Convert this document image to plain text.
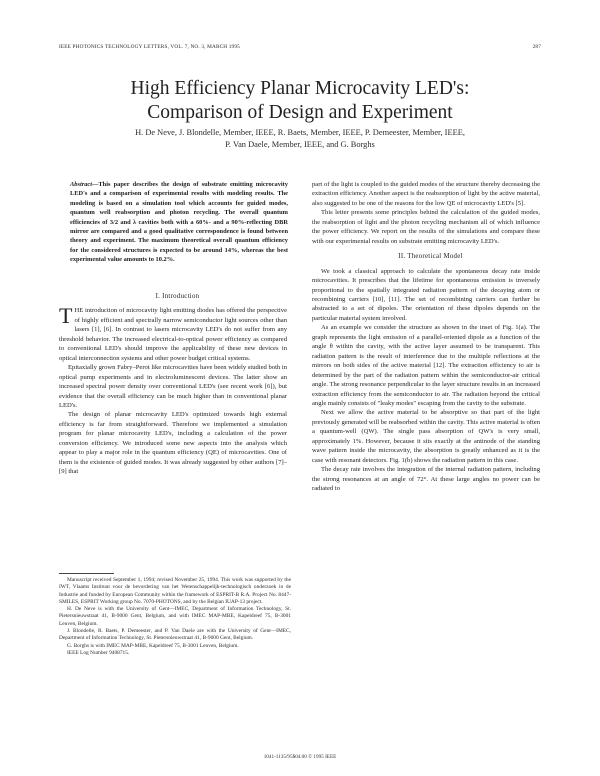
IEEE PHOTONICS TECHNOLOGY LETTERS, VOL. 7, NO. 3, MARCH 1995	287
High Efficiency Planar Microcavity LED's:
Comparison of Design and Experiment
H. De Neve, J. Blondelle, Member, IEEE, R. Baets, Member, IEEE, P. Demeester, Member, IEEE,
P. Van Daele, Member, IEEE, and G. Borghs
Abstract—This paper describes the design of substrate emitting microcavity LED's and a comparison of experimental results with modeling results. The modeling is based on a simulation tool which accounts for guided modes, quantum well reabsorption and photon recycling. The overall quantum efficiencies of 3/2 and λ cavities both with a 60%- and a 90%-reflecting DBR mirror are compared and a good qualitative correspondence is found between theory and experiment. The maximum theoretical overall quantum efficiency for the considered structures is expected to be around 14%, whereas the best experimental value amounts to 10.2%.

I. Introduction

THE introduction of microcavity light emitting diodes has offered the perspective of highly efficient and spectrally narrow semiconductor light sources other than lasers [1], [6]. In contrast to lasers microcavity LED's do not suffer from any threshold behavior. The increased electrical-to-optical power efficiency as compared to conventional LED's should improve the applicability of these new devices in optical interconnection systems and other power budget critical systems.

Epitaxially grown Fabry–Perot like microcavities have been widely studied both in optical pump experiments and in electroluminescent devices. The latter show an increased spectral power density over conventional LED's (see recent work [6]), but evidence that the overall efficiency can be much higher than in conventional planar LED's.

The design of planar microcavity LED's optimized towards high external efficiency is far from straightforward. Therefore we implemented a simulation program for planar microcavity LED's, including a calculation of the power conversion efficiency. We introduced some new aspects into the analysis which appear to play a major role in the quantum efficiency (QE) of microcavities. One of them is the existence of guided modes. It was already suggested by other authors [7]–[9] that

Manuscript received September 1, 1994; revised November 25, 1994. This work was supported by the IWT, Vlaams Instituut voor de bevordering van het Wetenschappelijk-technologisch onderzoek in de Industrie and funded by European Community within the framework of ESPRIT-B R.A. Project No. 8447-SMILES, ESPRIT Working group No. 7070-PHOTONS, and by the Belgian IUAP-13 project.

H. De Neve is with the University of Gent—IMEC, Department of Information Technology, St. Pietersnieuwstraat 41, B-9000 Gent, Belgium, and with IMEC MAP-MBE, Kapeldreef 75, B-3001 Leuven, Belgium.

J. Blondelle, R. Baets, P. Demeester, and P. Van Daele are with the University of Gent—IMEC, Department of Information Technology, St. Pietersnieuwstraat 41, B-9000 Gent, Belgium.

G. Borghs is with IMEC MAP-MBE, Kapeldreef 75, B-3001 Leuven, Belgium.

IEEE Log Number 9408715.

part of the light is coupled to the guided modes of the structure thereby decreasing the extraction efficiency. Another aspect is the reabsorption of light by the active material, also suggested to be one of the reasons for the low QE of microcavity LED's [5].

This letter presents some principles behind the calculation of the guided modes, the reabsorption of light and the photon recycling mechanism all of which influence the power efficiency. We report on the results of the simulations and compare these with our experimental results on substrate emitting microcavity LED's.

II. Theoretical Model

We took a classical approach to calculate the spontaneous decay rate inside microcavities. It prescribes that the lifetime for spontaneous emission is inversely proportional to the spatially integrated radiation pattern of the decaying atom or recombining carriers [10], [11]. The set of recombining carriers can further be abstracted to a set of dipoles. The orientation of these dipoles depends on the particular material system involved.

As an example we consider the structure as shown in the inset of Fig. 1(a). The graph represents the light emission of a parallel-oriented dipole as a function of the angle θ within the cavity, with the active layer assumed to be transparent. This radiation pattern is the result of interference due to the multiple reflections at the mirrors on both sides of the active material [12]. The extraction efficiency to air is determined by the part of the radiation pattern within the semiconductor-air critical angle. The strong resonance perpendicular to the layer structure results in an increased extraction efficiency from the semiconductor to air. The radiation beyond the critical angle mainly consists of "leaky modes" escaping from the cavity to the substrate.

Next we allow the active material to be absorptive so that part of the light previously generated will be reabsorbed within the cavity. This active material is often a quantum-well (QW). The single pass absorption of QW's is very small, approximately 1%. However, because it sits exactly at the antinode of the standing wave pattern inside the microcavity, the absorption is greatly enhanced as it is the case with resonant detectors. Fig. 1(b) shows the radiation pattern in this case.

The decay rate involves the integration of the internal radiation pattern, including the strong resonances at an angle of 72°. At these large angles no power can be radiated to

1041-1135/95$04.00 © 1995 IEEE
